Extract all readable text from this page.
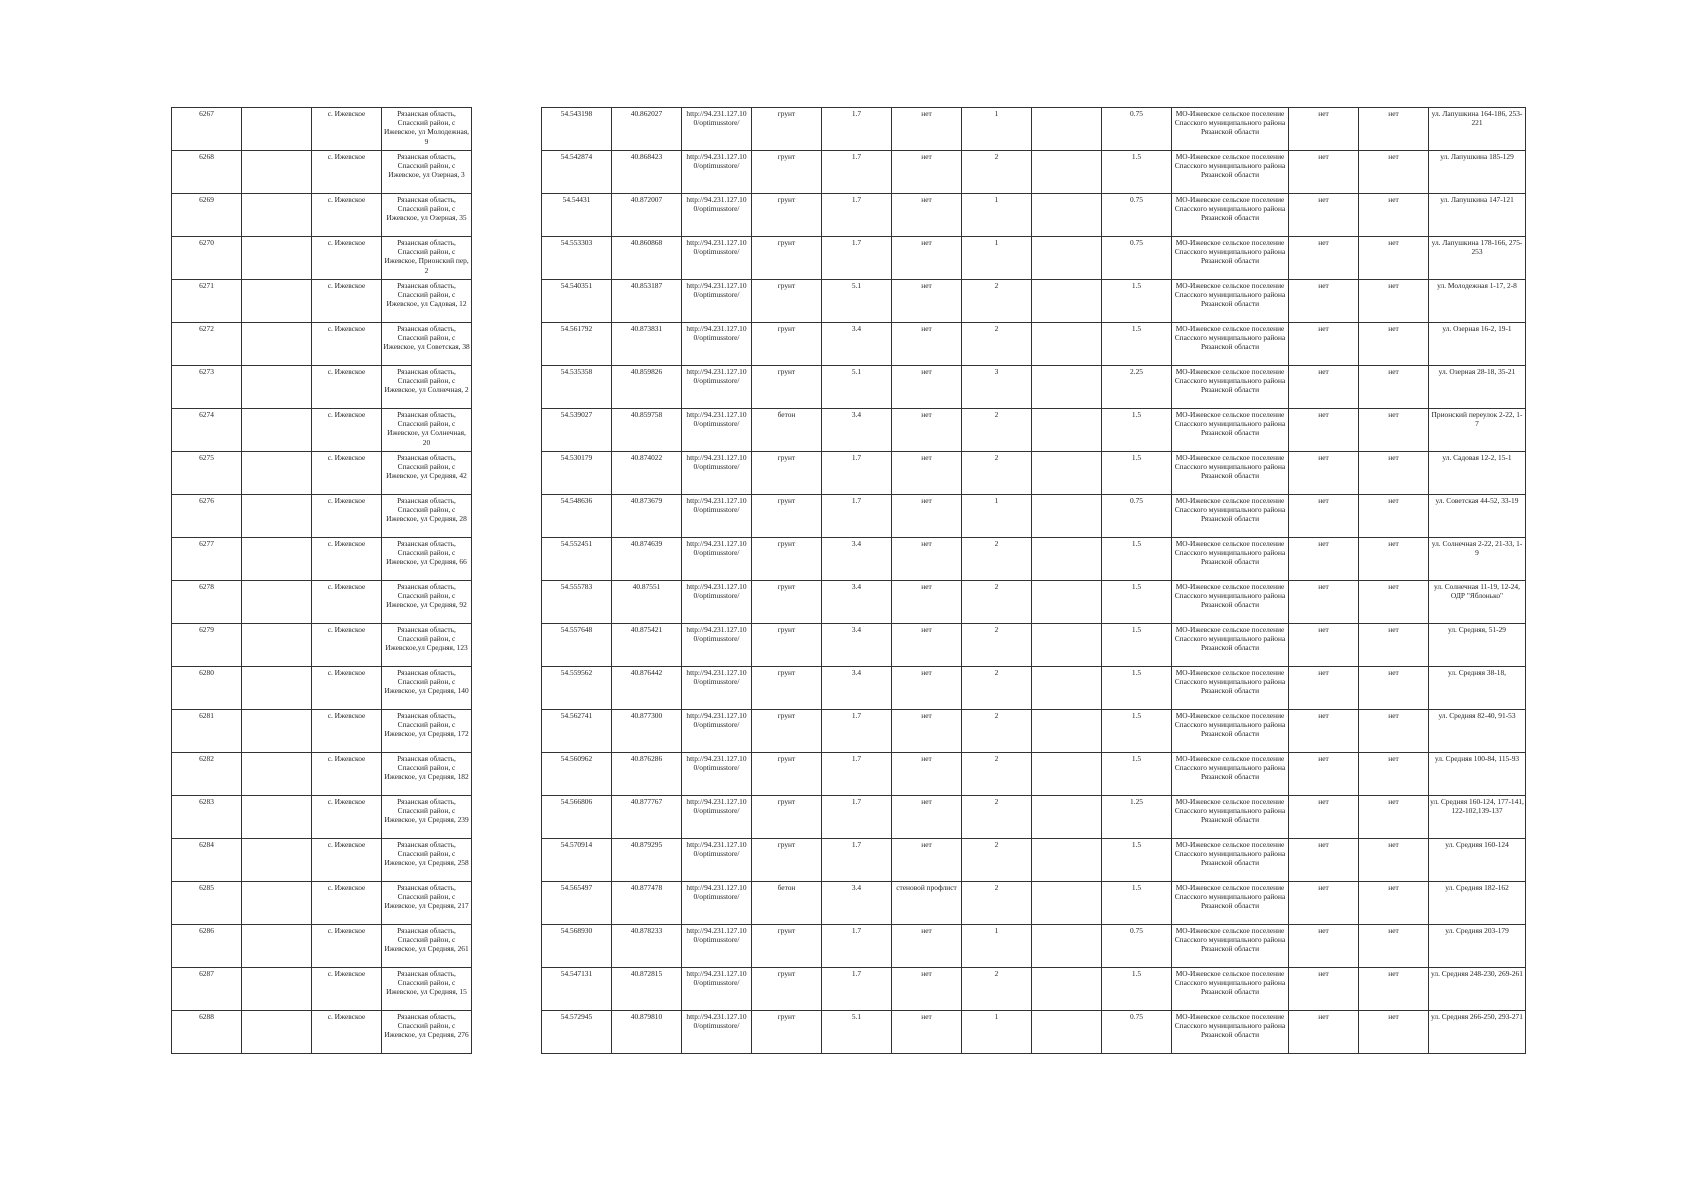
6267		с. Ижевское	Рязанская область, Спасский район, с Ижевское, ул Молодежная, 9		54.543198	40.862027	http://94.231.127.10 0/optimusstore/	грунт	1.7	нет	1		0.75	МО-Ижевское сельское поселение Спасского муниципального района Рязанской области	нет	нет	ул. Лапушкина 164-186, 253-221
6268		с. Ижевское	Рязанская область, Спасский район, с Ижевское, ул Озерная, 3		54.542874	40.868423	http://94.231.127.10 0/optimusstore/	грунт	1.7	нет	2		1.5	МО-Ижевское сельское поселение Спасского муниципального района Рязанской области	нет	нет	ул. Лапушкина 185-129
6269		с. Ижевское	Рязанская область, Спасский район, с Ижевское, ул Озерная, 35		54.54431	40.872007	http://94.231.127.10 0/optimusstore/	грунт	1.7	нет	1		0.75	МО-Ижевское сельское поселение Спасского муниципального района Рязанской области	нет	нет	ул. Лапушкина 147-121
6270		с. Ижевское	Рязанская область, Спасский район, с Ижевское, Прионский пер, 2		54.553303	40.860868	http://94.231.127.10 0/optimusstore/	грунт	1.7	нет	1		0.75	МО-Ижевское сельское поселение Спасского муниципального района Рязанской области	нет	нет	ул. Лапушкина 178-166, 275-253
6271		с. Ижевское	Рязанская область, Спасский район, с Ижевское, ул Садовая, 12		54.540351	40.853187	http://94.231.127.10 0/optimusstore/	грунт	5.1	нет	2		1.5	МО-Ижевское сельское поселение Спасского муниципального района Рязанской области	нет	нет	ул. Молодежная 1-17, 2-8
6272		с. Ижевское	Рязанская область, Спасский район, с Ижевское, ул Советская, 38		54.561792	40.873831	http://94.231.127.10 0/optimusstore/	грунт	3.4	нет	2		1.5	МО-Ижевское сельское поселение Спасского муниципального района Рязанской области	нет	нет	ул. Озерная 16-2, 19-1
6273		с. Ижевское	Рязанская область, Спасский район, с Ижевское, ул Солнечная, 2		54.535358	40.859826	http://94.231.127.10 0/optimusstore/	грунт	5.1	нет	3		2.25	МО-Ижевское сельское поселение Спасского муниципального района Рязанской области	нет	нет	ул. Озерная 28-18, 35-21
6274		с. Ижевское	Рязанская область, Спасский район, с Ижевское, ул Солнечная, 20		54.539027	40.859758	http://94.231.127.10 0/optimusstore/	бетон	3.4	нет	2		1.5	МО-Ижевское сельское поселение Спасского муниципального района Рязанской области	нет	нет	Прионский переулок 2-22, 1-7
6275		с. Ижевское	Рязанская область, Спасский район, с Ижевское, ул Средняя, 42		54.530179	40.874022	http://94.231.127.10 0/optimusstore/	грунт	1.7	нет	2		1.5	МО-Ижевское сельское поселение Спасского муниципального района Рязанской области	нет	нет	ул. Садовая 12-2, 15-1
6276		с. Ижевское	Рязанская область, Спасский район, с Ижевское, ул Средняя, 28		54.548636	40.873679	http://94.231.127.10 0/optimusstore/	грунт	1.7	нет	1		0.75	МО-Ижевское сельское поселение Спасского муниципального района Рязанской области	нет	нет	ул. Советская 44-52, 33-19
6277		с. Ижевское	Рязанская область, Спасский район, с Ижевское, ул Средняя, 66		54.552451	40.874639	http://94.231.127.10 0/optimusstore/	грунт	3.4	нет	2		1.5	МО-Ижевское сельское поселение Спасского муниципального района Рязанской области	нет	нет	ул. Солнечная 2-22, 21-33, 1-9
6278		с. Ижевское	Рязанская область, Спасский район, с Ижевское, ул Средняя, 92		54.555783	40.87551	http://94.231.127.10 0/optimusstore/	грунт	3.4	нет	2		1.5	МО-Ижевское сельское поселение Спасского муниципального района Рязанской области	нет	нет	ул. Солнечная 11-19, 12-24, ОДР "Яблонько"
6279		с. Ижевское	Рязанская область, Спасский район, с Ижевское,ул Средняя, 123		54.557648	40.875421	http://94.231.127.10 0/optimusstore/	грунт	3.4	нет	2		1.5	МО-Ижевское сельское поселение Спасского муниципального района Рязанской области	нет	нет	ул. Средняя, 51-29
6280		с. Ижевское	Рязанская область, Спасский район, с Ижевское, ул Средняя, 140		54.559562	40.876442	http://94.231.127.10 0/optimusstore/	грунт	3.4	нет	2		1.5	МО-Ижевское сельское поселение Спасского муниципального района Рязанской области	нет	нет	ул. Средняя 38-18,
6281		с. Ижевское	Рязанская область, Спасский район, с Ижевское, ул Средняя, 172		54.562741	40.877300	http://94.231.127.10 0/optimusstore/	грунт	1.7	нет	2		1.5	МО-Ижевское сельское поселение Спасского муниципального района Рязанской области	нет	нет	ул. Средняя 82-40, 91-53
6282		с. Ижевское	Рязанская область, Спасский район, с Ижевское, ул Средняя, 182		54.560962	40.876286	http://94.231.127.10 0/optimusstore/	грунт	1.7	нет	2		1.5	МО-Ижевское сельское поселение Спасского муниципального района Рязанской области	нет	нет	ул. Средняя 100-84, 115-93
6283		с. Ижевское	Рязанская область, Спасский район, с Ижевское, ул Средняя, 239		54.566806	40.877767	http://94.231.127.10 0/optimusstore/	грунт	1.7	нет	2		1.25	МО-Ижевское сельское поселение Спасского муниципального района Рязанской области	нет	нет	ул. Средняя 160-124, 177-141, 122-102,139-137
6284		с. Ижевское	Рязанская область, Спасский район, с Ижевское, ул Средняя, 258		54.570914	40.879295	http://94.231.127.10 0/optimusstore/	грунт	1.7	нет	2		1.5	МО-Ижевское сельское поселение Спасского муниципального района Рязанской области	нет	нет	ул. Средняя 160-124
6285		с. Ижевское	Рязанская область, Спасский район, с Ижевское, ул Средняя, 217		54.565497	40.877478	http://94.231.127.10 0/optimusstore/	бетон	3.4	стеновой профлист	2		1.5	МО-Ижевское сельское поселение Спасского муниципального района Рязанской области	нет	нет	ул. Средняя 182-162
6286		с. Ижевское	Рязанская область, Спасский район, с Ижевское, ул Средняя, 261		54.568930	40.878233	http://94.231.127.10 0/optimusstore/	грунт	1.7	нет	1		0.75	МО-Ижевское сельское поселение Спасского муниципального района Рязанской области	нет	нет	ул. Средняя 203-179
6287		с. Ижевское	Рязанская область, Спасский район, с Ижевское, ул Средняя, 15		54.547131	40.872815	http://94.231.127.10 0/optimusstore/	грунт	1.7	нет	2		1.5	МО-Ижевское сельское поселение Спасского муниципального района Рязанской области	нет	нет	ул. Средняя 248-230, 269-261
6288		с. Ижевское	Рязанская область, Спасский район, с Ижевское, ул Средняя, 276		54.572945	40.879810	http://94.231.127.10 0/optimusstore/	грунт	5.1	нет	1		0.75	МО-Ижевское сельское поселение Спасского муниципального района Рязанской области	нет	нет	ул. Средняя 266-250, 293-271
